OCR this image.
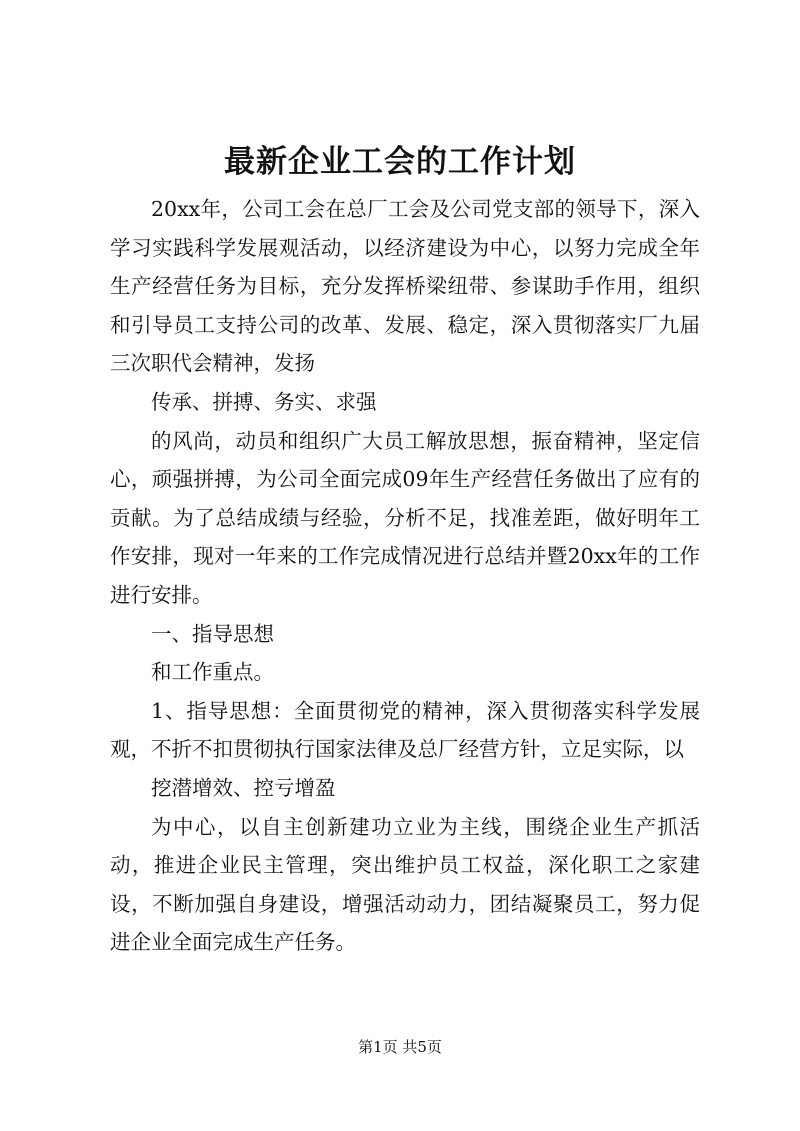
最新企业工会的工作计划

20xx年，公司工会在总厂工会及公司党支部的领导下，深入学习实践科学发展观活动，以经济建设为中心，以努力完成全年生产经营任务为目标，充分发挥桥梁纽带、参谋助手作用，组织和引导员工支持公司的改革、发展、稳定，深入贯彻落实厂九届三次职代会精神，发扬

传承、拼搏、务实、求强

的风尚，动员和组织广大员工解放思想，振奋精神，坚定信心，顽强拼搏，为公司全面完成09年生产经营任务做出了应有的贡献。为了总结成绩与经验，分析不足，找准差距，做好明年工作安排，现对一年来的工作完成情况进行总结并暨20xx年的工作进行安排。

一、指导思想

和工作重点。

1、指导思想：全面贯彻党的精神，深入贯彻落实科学发展观，不折不扣贯彻执行国家法律及总厂经营方针，立足实际，以

挖潜增效、控亏增盈

为中心，以自主创新建功立业为主线，围绕企业生产抓活动，推进企业民主管理，突出维护员工权益，深化职工之家建设，不断加强自身建设，增强活动动力，团结凝聚员工，努力促进企业全面完成生产任务。

第1页 共5页
